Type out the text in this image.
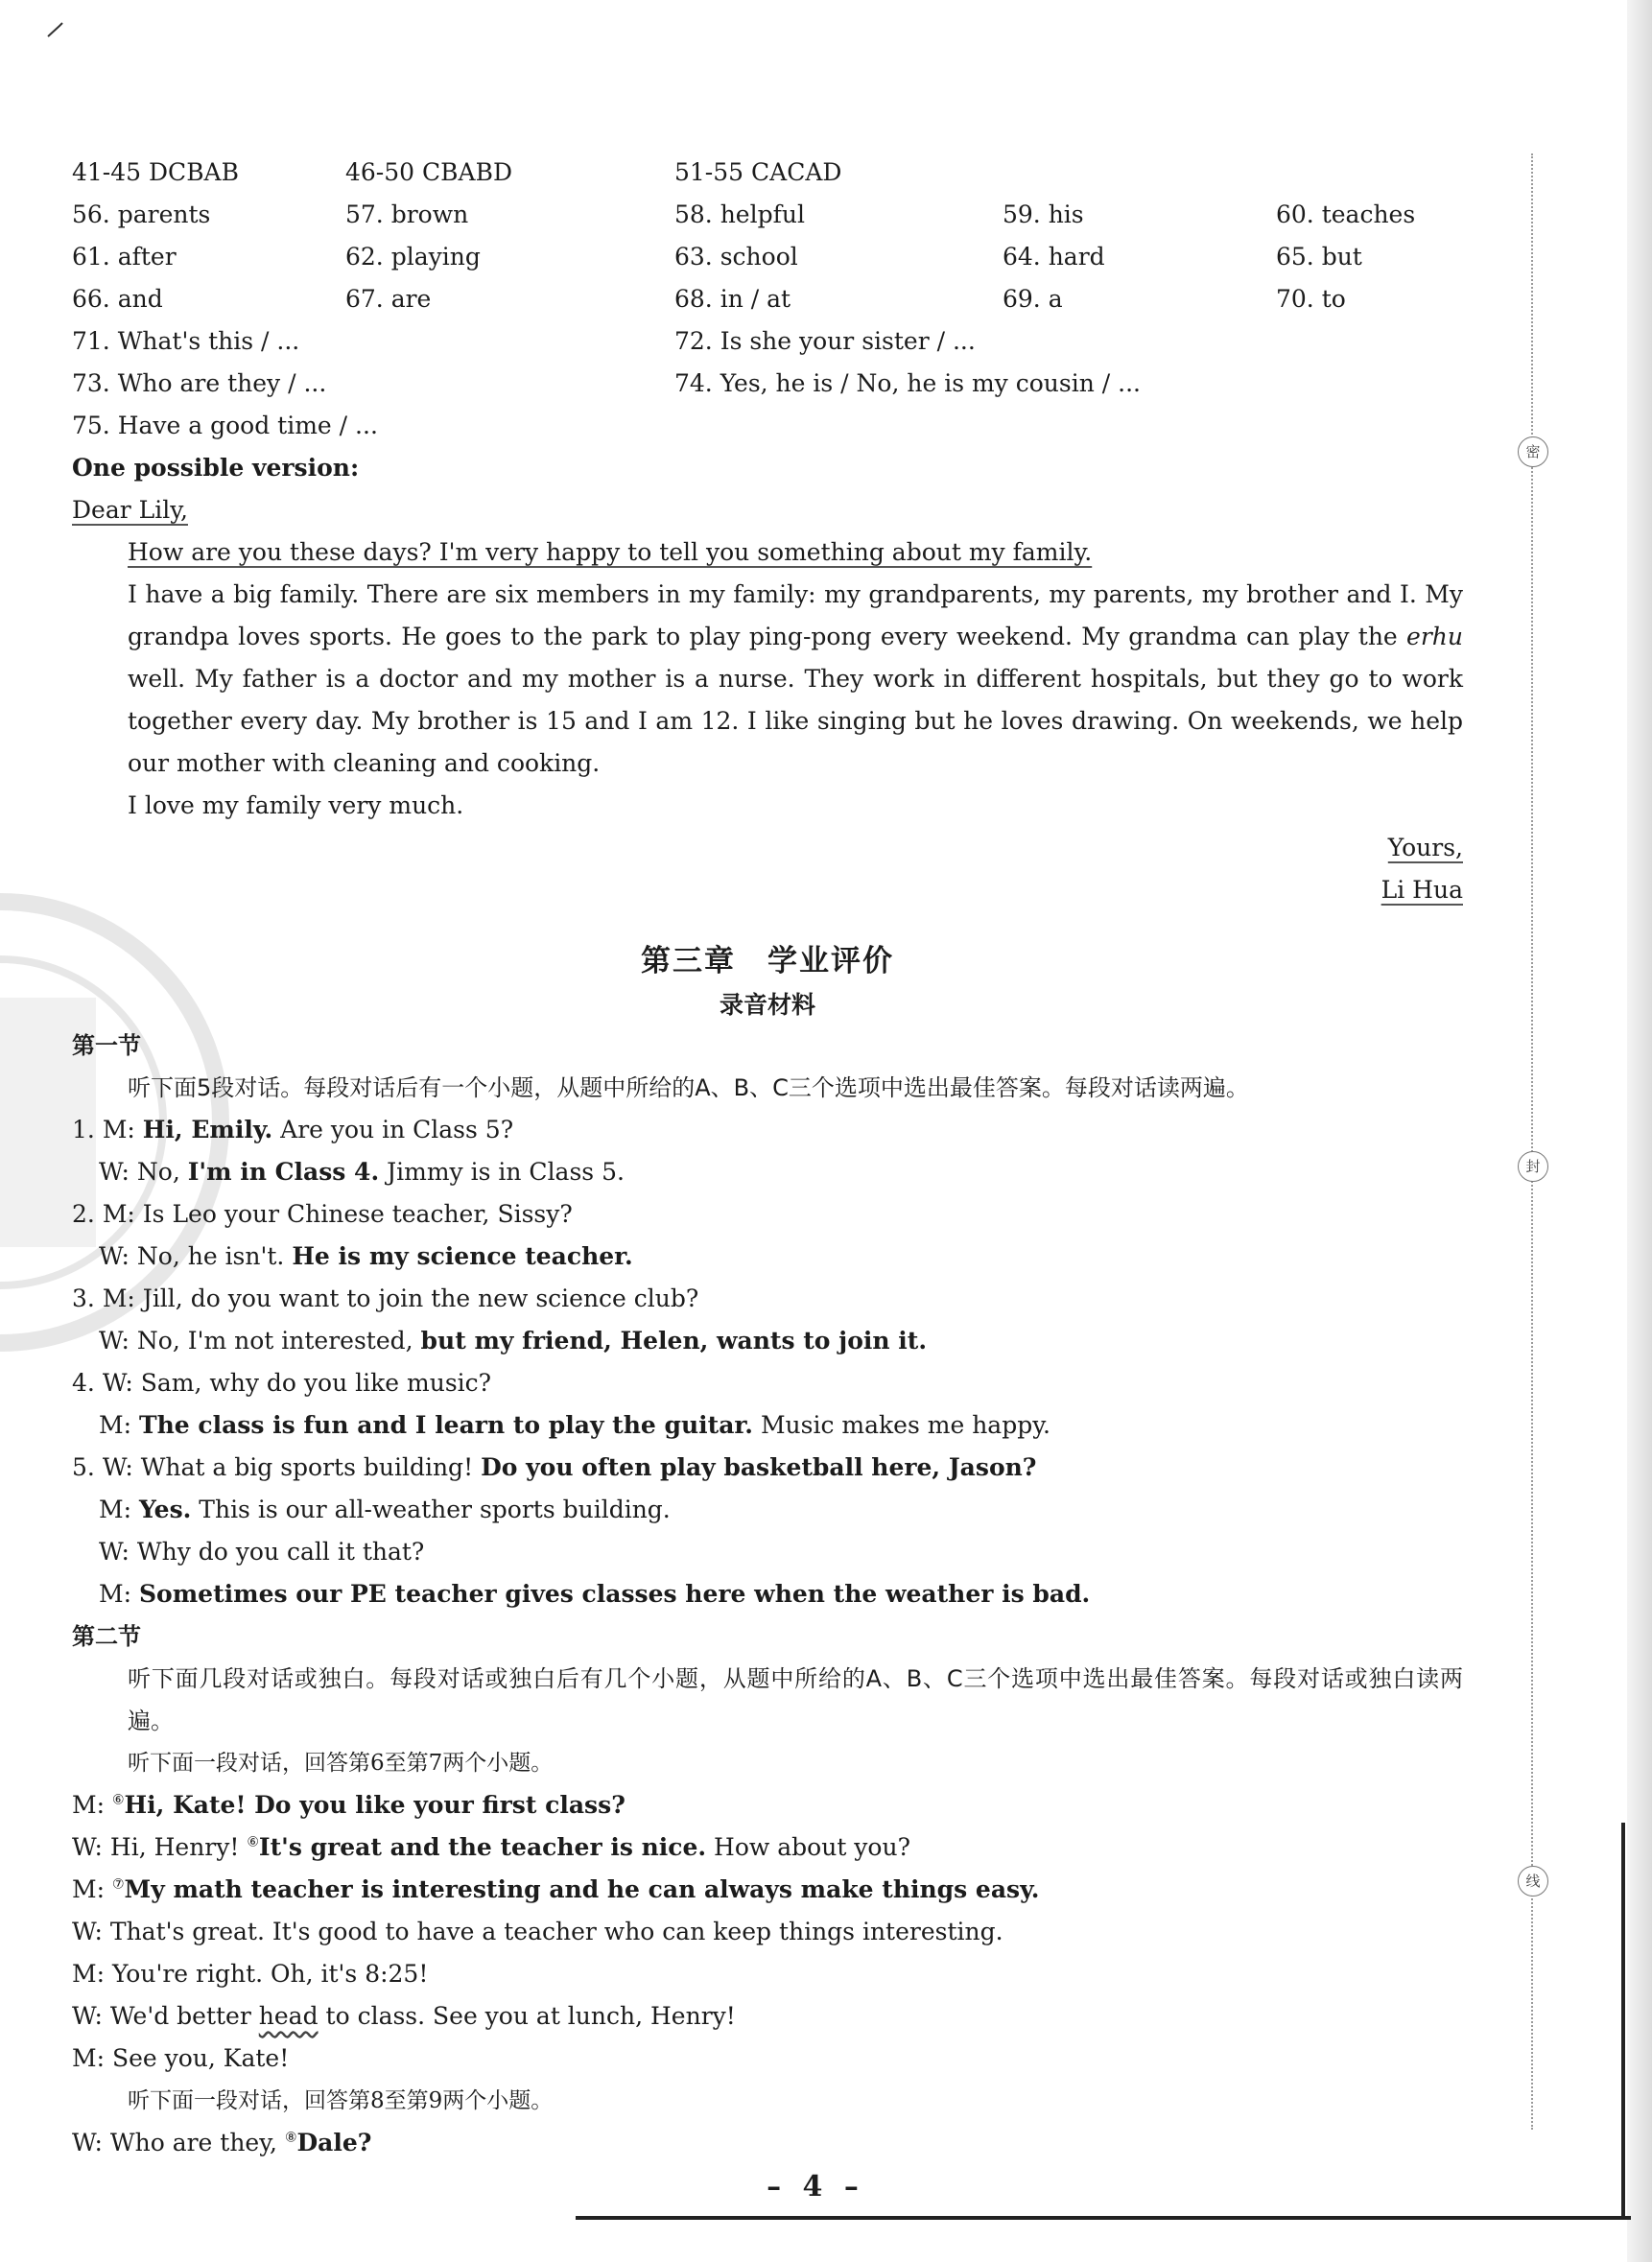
密
封
线
41-45 DCBAB	46-50 CBABD	51-55 CACAD
56. parents	57. brown	58. helpful	59. his	60. teaches
61. after	62. playing	63. school	64. hard	65. but
66. and	67. are	68. in / at	69. a	70. to
71. What's this / ...	72. Is she your sister / ...
73. Who are they / ...	74. Yes, he is / No, he is my cousin / ...
75. Have a good time / ...
One possible version:
Dear Lily,
How are you these days? I'm very happy to tell you something about my family.
I have a big family. There are six members in my family: my grandparents, my parents, my brother and I. My grandpa loves sports. He goes to the park to play ping-pong every weekend. My grandma can play the erhu well. My father is a doctor and my mother is a nurse. They work in different hospitals, but they go to work together every day. My brother is 15 and I am 12. I like singing but he loves drawing. On weekends, we help our mother with cleaning and cooking.
I love my family very much.
Yours,
Li Hua
第三章　学业评价
录音材料
第一节
听下面5段对话。每段对话后有一个小题，从题中所给的A、B、C三个选项中选出最佳答案。每段对话读两遍。
1. M: Hi, Emily. Are you in Class 5?
W: No, I'm in Class 4. Jimmy is in Class 5.
2. M: Is Leo your Chinese teacher, Sissy?
W: No, he isn't. He is my science teacher.
3. M: Jill, do you want to join the new science club?
W: No, I'm not interested, but my friend, Helen, wants to join it.
4. W: Sam, why do you like music?
M: The class is fun and I learn to play the guitar. Music makes me happy.
5. W: What a big sports building! Do you often play basketball here, Jason?
M: Yes. This is our all-weather sports building.
W: Why do you call it that?
M: Sometimes our PE teacher gives classes here when the weather is bad.
第二节
听下面几段对话或独白。每段对话或独白后有几个小题，从题中所给的A、B、C三个选项中选出最佳答案。每段对话或独白读两遍。
听下面一段对话，回答第6至第7两个小题。
M: ⑥Hi, Kate! Do you like your first class?
W: Hi, Henry! ⑥It's great and the teacher is nice. How about you?
M: ⑦My math teacher is interesting and he can always make things easy.
W: That's great. It's good to have a teacher who can keep things interesting.
M: You're right. Oh, it's 8:25!
W: We'd better head to class. See you at lunch, Henry!
M: See you, Kate!
听下面一段对话，回答第8至第9两个小题。
W: Who are they, ⑧Dale?
– 4 –
